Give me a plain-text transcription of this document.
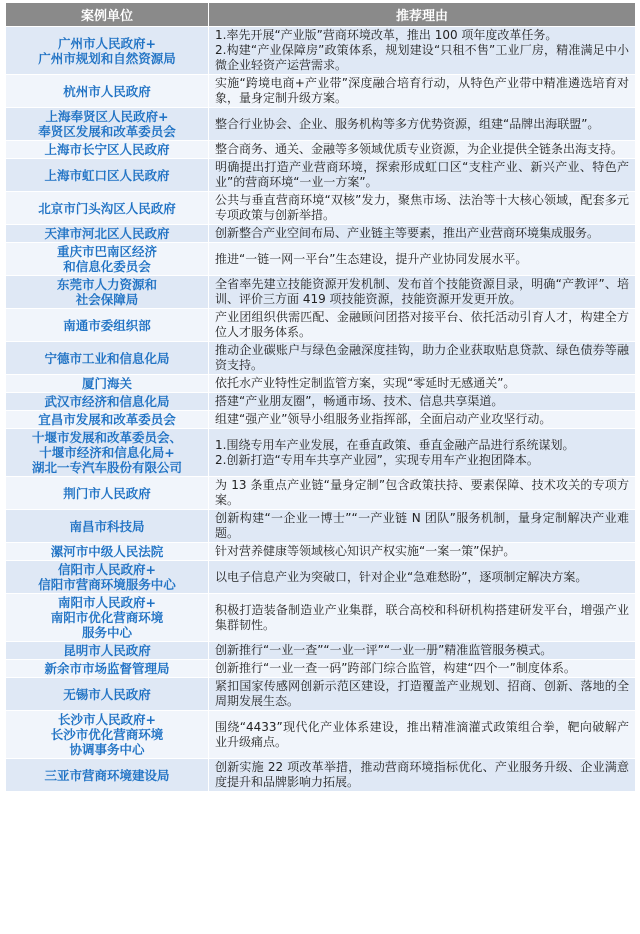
案例单位	推荐理由

广州市人民政府+
广州市规划和自然资源局	1.率先开展“产业版”营商环境改革，推出 100 项年度改革任务。
2.构建“产业保障房”政策体系，规划建设“只租不售”工业厂房，精准满足中小微企业轻资产运营需求。

杭州市人民政府	实施“跨境电商+产业带”深度融合培育行动，从特色产业带中精准遴选培育对象，量身定制升级方案。

上海奉贤区人民政府+
奉贤区发展和改革委员会	整合行业协会、企业、服务机构等多方优势资源，组建“品牌出海联盟”。

上海市长宁区人民政府	整合商务、通关、金融等多领域优质专业资源，为企业提供全链条出海支持。

上海市虹口区人民政府	明确提出打造产业营商环境，探索形成虹口区“支柱产业、新兴产业、特色产业”的营商环境“一业一方案”。

北京市门头沟区人民政府	公共与垂直营商环境“双核”发力，聚焦市场、法治等十大核心领域，配套多元专项政策与创新举措。

天津市河北区人民政府	创新整合产业空间布局、产业链主等要素，推出产业营商环境集成服务。

重庆市巴南区经济
和信息化委员会	推进“一链一网一平台”生态建设，提升产业协同发展水平。

东莞市人力资源和
社会保障局	全省率先建立技能资源开发机制、发布首个技能资源目录，明确“产教评”、培训、评价三方面 419 项技能资源，技能资源开发更开放。

南通市委组织部	产业团组织供需匹配、金融顾问团搭对接平台、依托活动引育人才，构建全方位人才服务体系。

宁德市工业和信息化局	推动企业碳账户与绿色金融深度挂钩，助力企业获取贴息贷款、绿色债券等融资支持。

厦门海关	依托水产业特性定制监管方案，实现“零延时无感通关”。

武汉市经济和信息化局	搭建“产业朋友圈”，畅通市场、技术、信息共享渠道。

宜昌市发展和改革委员会	组建“强产业”领导小组服务业指挥部，全面启动产业攻坚行动。

十堰市发展和改革委员会、
十堰市经济和信息化局+
湖北一专汽车股份有限公司	1.围绕专用车产业发展，在垂直政策、垂直金融产品进行系统谋划。
2.创新打造“专用车共享产业园”，实现专用车产业抱团降本。

荆门市人民政府	为 13 条重点产业链“量身定制”包含政策扶持、要素保障、技术攻关的专项方案。

南昌市科技局	创新构建“一企业一博士”“一产业链 N 团队”服务机制，量身定制解决产业难题。

漯河市中级人民法院	针对营养健康等领域核心知识产权实施“一案一策”保护。

信阳市人民政府+
信阳市营商环境服务中心	以电子信息产业为突破口，针对企业“急难愁盼”，逐项制定解决方案。

南阳市人民政府+
南阳市优化营商环境
服务中心	积极打造装备制造业产业集群，联合高校和科研机构搭建研发平台，增强产业集群韧性。

昆明市人民政府	创新推行“一业一查”“一业一评”“一业一册”精准监管服务模式。

新余市市场监督管理局	创新推行“一业一查一码”跨部门综合监管，构建“四个一”制度体系。

无锡市人民政府	紧扣国家传感网创新示范区建设，打造覆盖产业规划、招商、创新、落地的全周期发展生态。

长沙市人民政府+
长沙市优化营商环境
协调事务中心	围绕“4433”现代化产业体系建设，推出精准滴灌式政策组合拳，靶向破解产业升级痛点。

三亚市营商环境建设局	创新实施 22 项改革举措，推动营商环境指标优化、产业服务升级、企业满意度提升和品牌影响力拓展。
